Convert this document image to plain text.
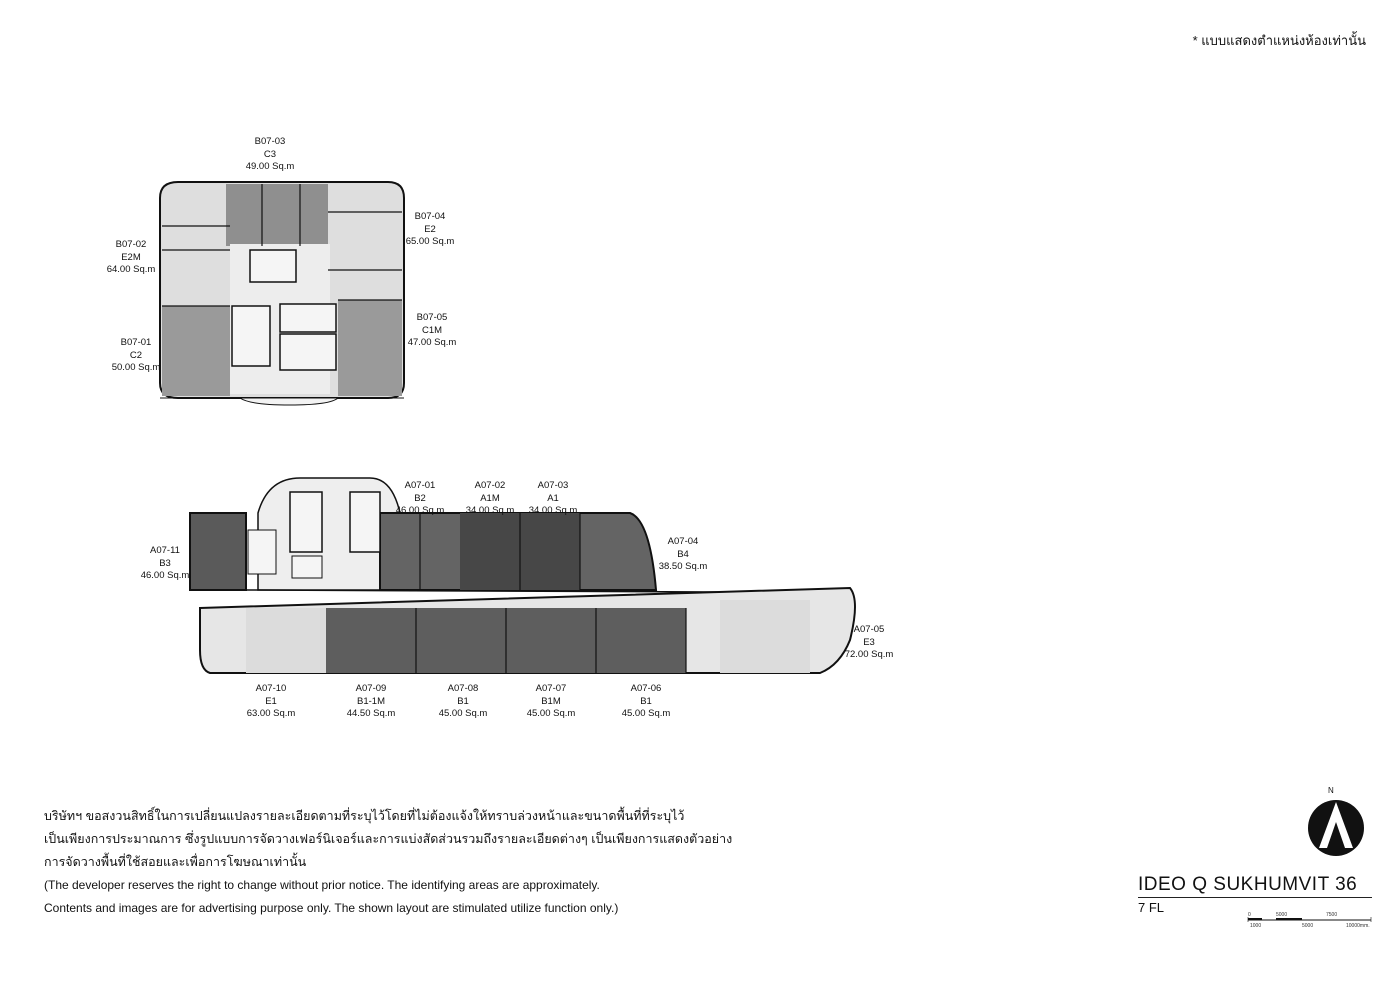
* แบบแสดงตำแหน่งห้องเท่านั้น
B07-03
C3
49.00 Sq.m
B07-04
E2
65.00 Sq.m
B07-02
E2M
64.00 Sq.m
B07-05
C1M
47.00 Sq.m
B07-01
C2
50.00 Sq.m
A07-01
B2
46.00 Sq.m
A07-02
A1M
34.00 Sq.m
A07-03
A1
34.00 Sq.m
A07-04
B4
38.50 Sq.m
A07-11
B3
46.00 Sq.m
A07-05
E3
72.00 Sq.m
A07-10
E1
63.00 Sq.m
A07-09
B1-1M
44.50 Sq.m
A07-08
B1
45.00 Sq.m
A07-07
B1M
45.00 Sq.m
A07-06
B1
45.00 Sq.m

บริษัทฯ ขอสงวนสิทธิ์ในการเปลี่ยนแปลงรายละเอียดตามที่ระบุไว้โดยที่ไม่ต้องแจ้งให้ทราบล่วงหน้าและขนาดพื้นที่ที่ระบุไว้

เป็นเพียงการประมาณการ ซึ่งรูปแบบการจัดวางเฟอร์นิเจอร์และการแบ่งสัดส่วนรวมถึงรายละเอียดต่างๆ เป็นเพียงการแสดงตัวอย่าง

การจัดวางพื้นที่ใช้สอยและเพื่อการโฆษณาเท่านั้น

(The developer reserves the right to change without prior notice. The identifying areas are approximately.

Contents and images are for advertising purpose only. The shown layout are stimulated utilize function only.)

N
IDEO Q SUKHUMVIT 36
7 FL	0	5000	7500
1000	5000	10000mm.
